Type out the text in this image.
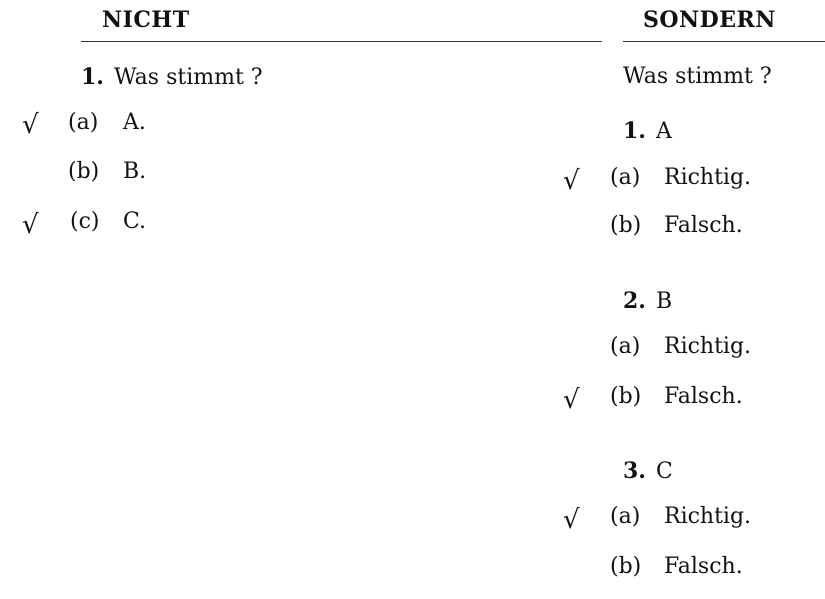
NICHT
1. Was stimmt ?
√ (a) A.
(b) B.
√ (c) C.
SONDERN
Was stimmt ?
1. A
√ (a) Richtig.
(b) Falsch.
2. B
(a) Richtig.
√ (b) Falsch.
3. C
√ (a) Richtig.
(b) Falsch.
